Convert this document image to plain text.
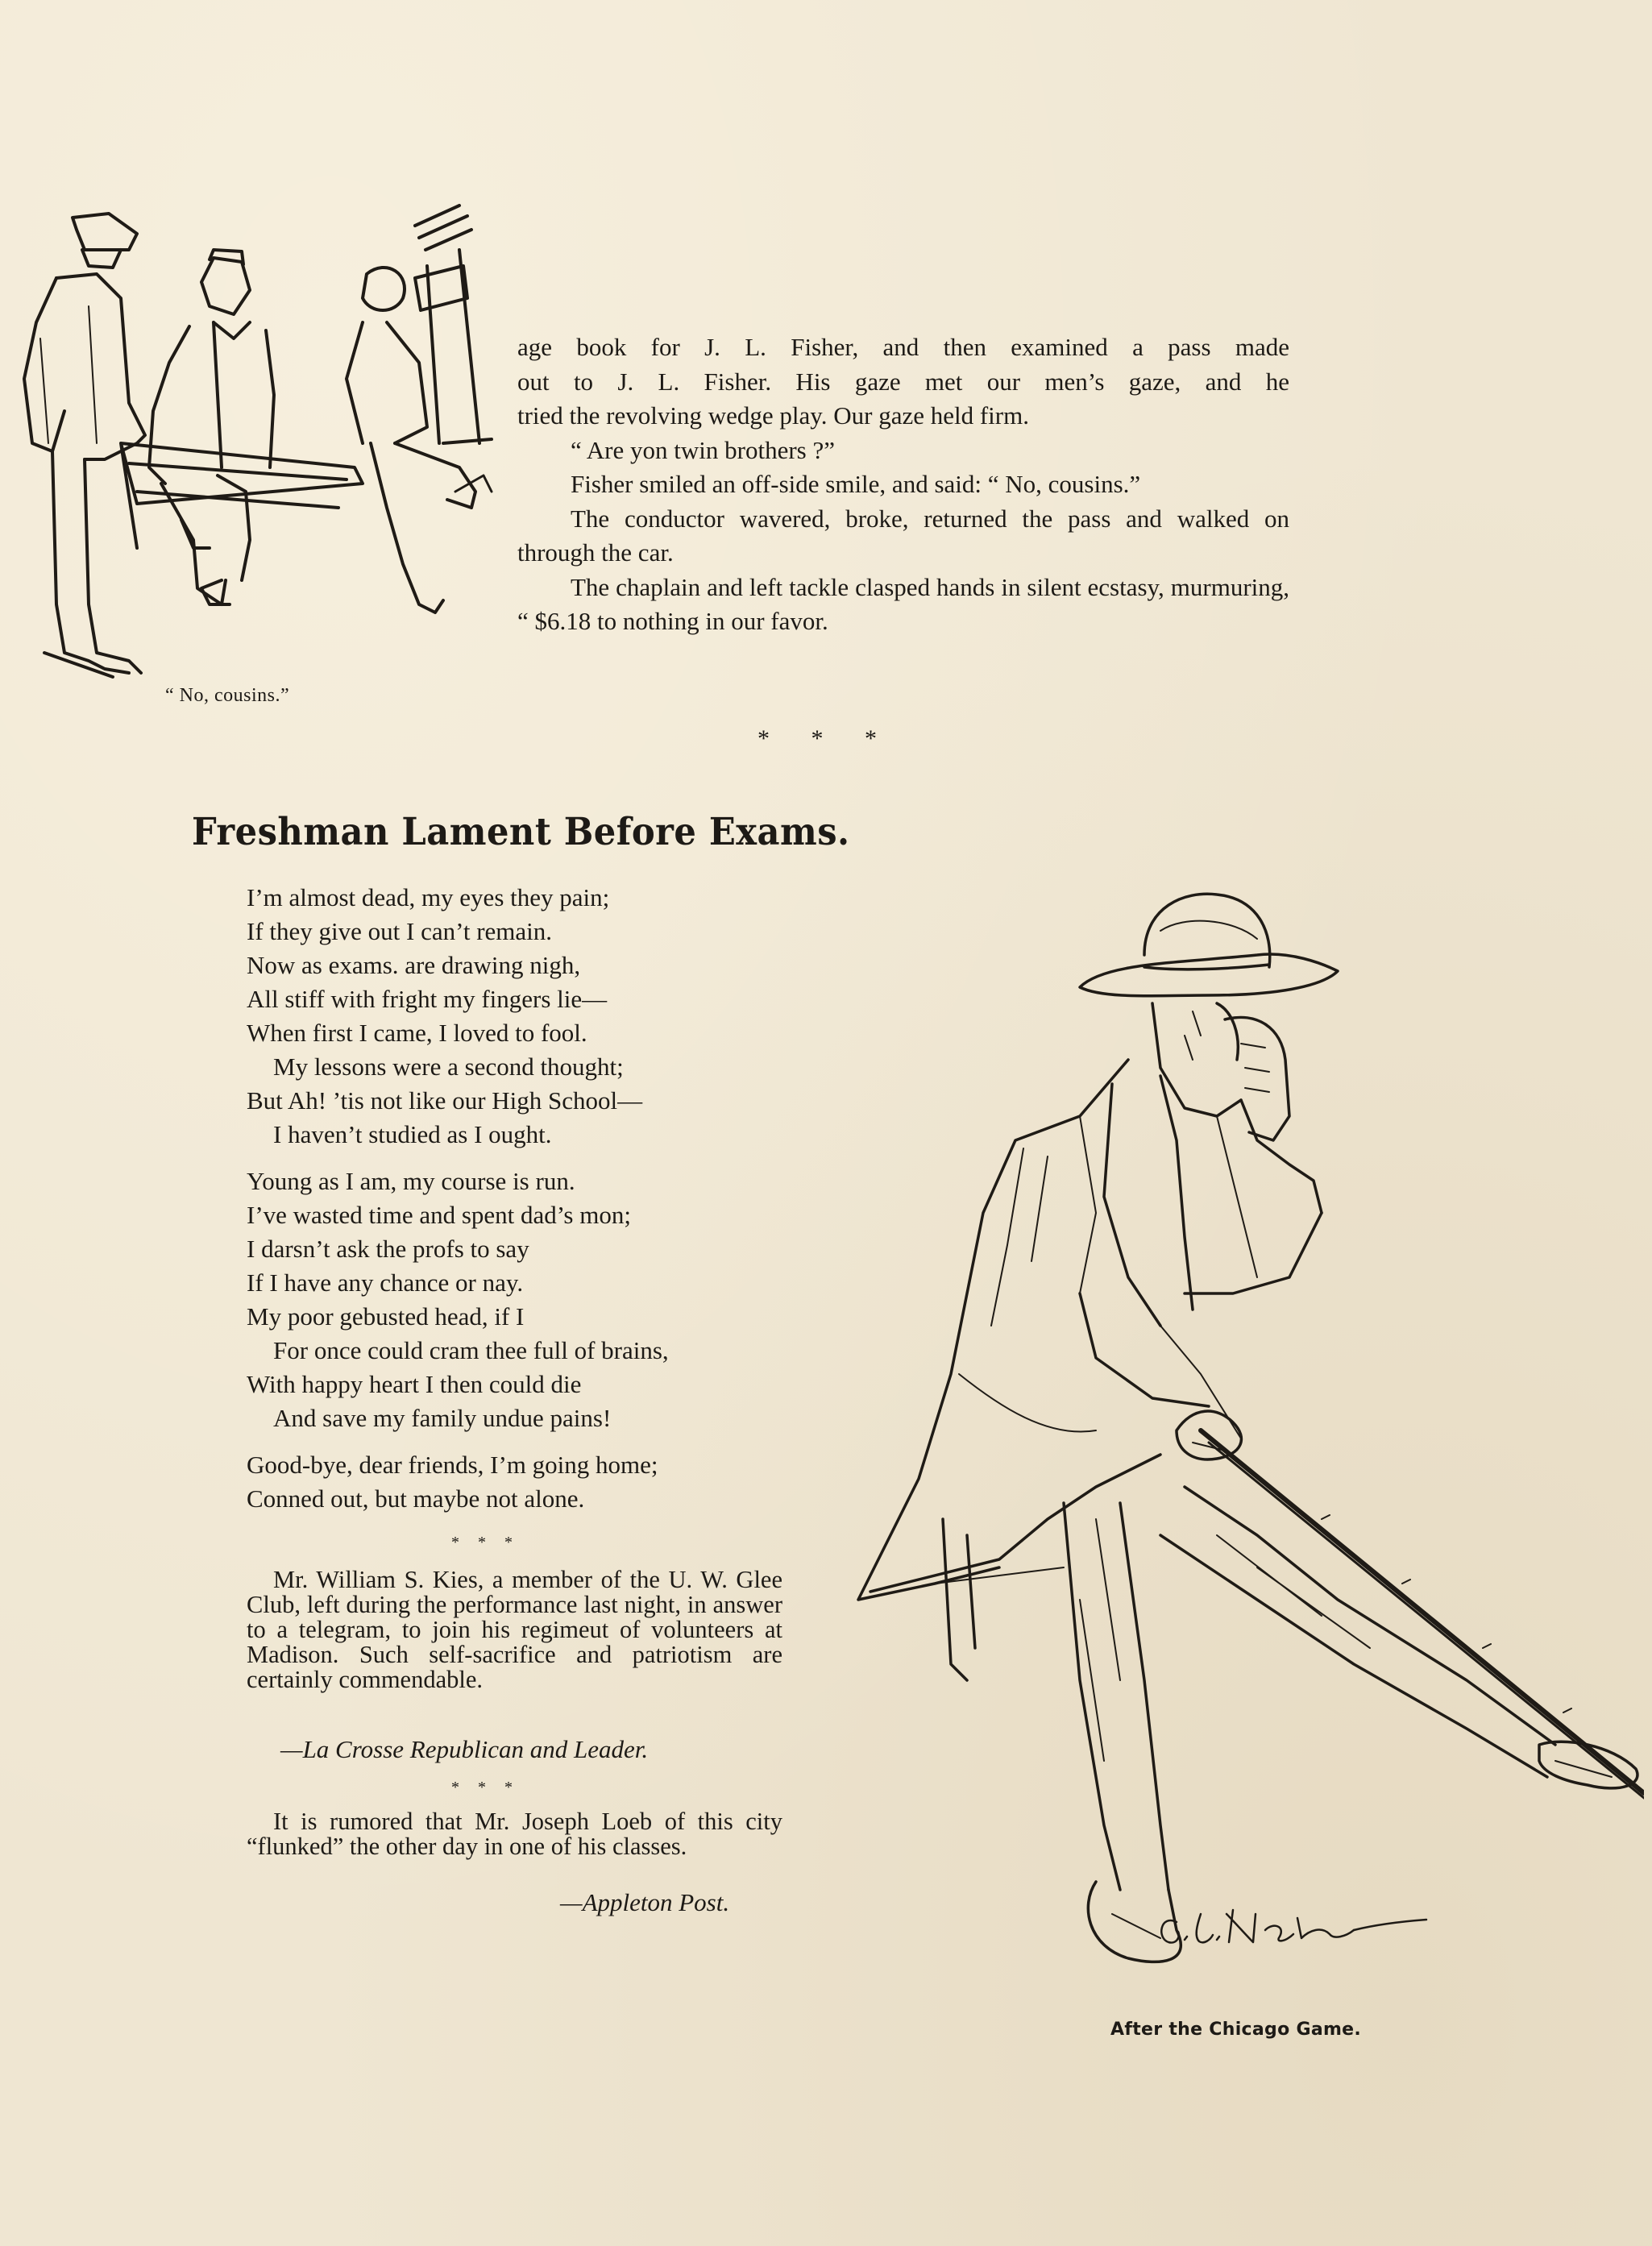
“ No, cousins.”

age book for J. L. Fisher, and then examined a pass made

out to J. L. Fisher. His gaze met our men’s gaze, and he

tried the revolving wedge play. Our gaze held firm.

“ Are yon twin brothers ?”

Fisher smiled an off-side smile, and said: “ No, cousins.”

The conductor wavered, broke, returned the pass and walked on through the car.

The chaplain and left tackle clasped hands in silent ecstasy, murmuring, “ $6.18 to nothing in our favor.

* * *
Freshman Lament Before Exams.
I’m almost dead, my eyes they pain;
If they give out I can’t remain.
Now as exams. are drawing nigh,
All stiff with fright my fingers lie—
When first I came, I loved to fool.
My lessons were a second thought;
But Ah! ’tis not like our High School—
I haven’t studied as I ought.
Young as I am, my course is run.
I’ve wasted time and spent dad’s mon;
I darsn’t ask the profs to say
If I have any chance or nay.
My poor gebusted head, if I
For once could cram thee full of brains,
With happy heart I then could die
And save my family undue pains!
Good-bye, dear friends, I’m going home;
Conned out, but maybe not alone.
* * *

Mr. William S. Kies, a member of the U. W. Glee Club, left during the performance last night, in answer to a telegram, to join his regimeut of volunteers at Madison. Such self-sacrifice and patriotism are certainly commendable.

—La Crosse Republican and Leader.
* * *

It is rumored that Mr. Joseph Loeb of this city “flunked” the other day in one of his classes.

—Appleton Post.
After the Chicago Game.
